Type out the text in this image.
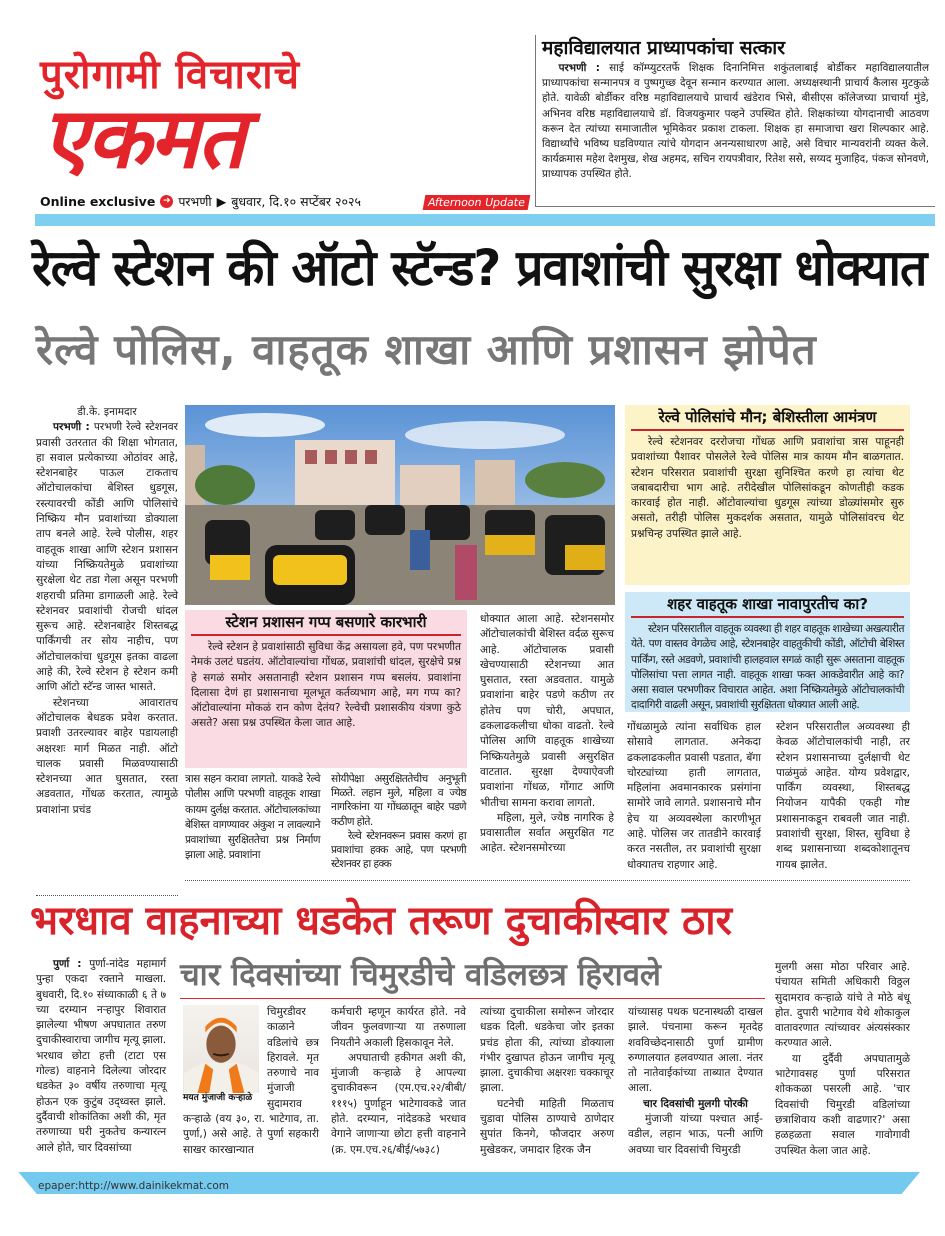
पुरोगामी विचाराचे
एकमत
Online exclusive ➜ परभणी ▶ बुधवार, दि.१० सप्टेंबर २०२५	Afternoon Update
महाविद्यालयात प्राध्यापकांचा सत्कार

परभणी : साई कॉम्प्युटरतर्फे शिक्षक दिनानिमित्त शकुंतलाबाई बोर्डीकर महाविद्यालयातील प्राध्यापकांचा सन्मानपत्र व पुष्पगुच्छ देवून सन्मान करण्यात आला. अध्यक्षस्थानी प्राचार्य कैलास मुटकुळे होते. यावेळी बोर्डीकर वरिष्ठ महाविद्यालयाचे प्राचार्य खंडेराव भिसे, बीसीएस कॉलेजच्या प्राचार्या मुंडे, अभिनव वरिष्ठ महाविद्यालयाचे डॉ. विजयकुमार पव्हने उपस्थित होते. शिक्षकांच्या योगदानाची आठवण करून देत त्यांच्या समाजातील भूमिकेवर प्रकाश टाकला. शिक्षक हा समाजाचा खरा शिल्पकार आहे. विद्यार्थ्यांचे भविष्य घडविण्यात त्यांचे योगदान अनन्यसाधारण आहे, असे विचार मान्यवरांनी व्यक्त केले. कार्यक्रमास महेश देशमुख, शेख अहमद, सचिन रायपत्रीवार, रितेश ससे, सय्यद मुजाहिद, पंकज सोनवणे, प्राध्यापक उपस्थित होते.

रेल्वे स्टेशन की ऑटो स्टॅन्ड? प्रवाशांची सुरक्षा धोक्यात
रेल्वे पोलिस, वाहतूक शाखा आणि प्रशासन झोपेत
डी.के. इनामदार

परभणी : परभणी रेल्वे स्टेशनवर प्रवासी उतरतात की शिक्षा भोगतात, हा सवाल प्रत्येकाच्या ओठांवर आहे, स्टेशनबाहेर पाऊल टाकताच ऑटोचालकांचा बेशिस्त धुडगूस, रस्त्यावरची कोंडी आणि पोलिसांचे निष्क्रिय मौन प्रवाशांच्या डोक्याला ताप बनले आहे. रेल्वे पोलीस, शहर वाहतूक शाखा आणि स्टेशन प्रशासन यांच्या निष्क्रियतेमुळे प्रवाशांच्या सुरक्षेला थेट तडा गेला असून परभणी शहराची प्रतिमा डागाळली आहे. रेल्वे स्टेशनवर प्रवाशांची रोजची धांदल सुरूच आहे. स्टेशनबाहेर शिस्तबद्ध पार्किंगची तर सोय नाहीच, पण ऑटोचालकांचा धुडगूस इतका वाढला आहे की, रेल्वे स्टेशन हे स्टेशन कमी आणि ऑटो स्टॅन्ड जास्त भासते.

स्टेशनच्या आवारातच ऑटोचालक बेधडक प्रवेश करतात. प्रवाशी उतरल्यावर बाहेर पडायलाही अक्षरशः मार्ग मिळत नाही. ऑटो चालक प्रवासी मिळवण्यासाठी स्टेशनच्या आत घुसतात, रस्ता अडवतात, गोंधळ करतात, त्यामुळे प्रवाशांना प्रचंड

स्टेशन प्रशासन गप्प बसणारे कारभारी

रेल्वे स्टेशन हे प्रवाशांसाठी सुविधा केंद्र असायला हवे, पण परभणीत नेमकं उलटं घडतंय. ऑटोवाल्यांचा गोंधळ, प्रवाशांची धांदल, सुरक्षेचे प्रश्न हे सगळं समोर असतानाही स्टेशन प्रशासन गप्प बसलंय. प्रवाशांना दिलासा देणं हा प्रशासनाचा मूलभूत कर्तव्यभाग आहे, मग गप्प का? ऑटोवाल्यांना मोकळं रान कोण देतंय? रेल्वेची प्रशासकीय यंत्रणा कुठे असते? असा प्रश्न उपस्थित केला जात आहे.

त्रास सहन करावा लागतो. याकडे रेल्वे पोलीस आणि परभणी वाहतूक शाखा कायम दुर्लक्ष करतात. ऑटोचालकांच्या बेशिस्त वागण्यावर अंकुश न लावल्याने प्रवाशांच्या सुरक्षिततेचा प्रश्न निर्माण झाला आहे. प्रवाशांना

सोयीपेक्षा असुरक्षिततेचीच अनुभूती मिळते. लहान मुले, महिला व ज्येष्ठ नागरिकांना या गोंधळातून बाहेर पडणे कठीण होते.

रेल्वे स्टेशनवरून प्रवास करणं हा प्रवाशांचा हक्क आहे, पण परभणी स्टेशनवर हा हक्क

धोक्यात आला आहे. स्टेशनसमोर ऑटोचालकांची बेशिस्त वर्दळ सुरूच आहे. ऑटोचालक प्रवासी खेचण्यासाठी स्टेशनच्या आत घुसतात, रस्ता अडवतात. यामुळे प्रवाशांना बाहेर पडणे कठीण तर होतेच पण चोरी, अपघात, ढकलाढकलीचा धोका वाढतो. रेल्वे पोलिस आणि वाहतूक शाखेच्या निष्क्रियतेमुळे प्रवासी असुरक्षित वाटतात. सुरक्षा देण्याऐवजी प्रवाशांना गोंधळ, गोंगाट आणि भीतीचा सामना करावा लागतो.

महिला, मुले, ज्येष्ठ नागरिक हे प्रवासातील सर्वात असुरक्षित गट आहेत. स्टेशनसमोरच्या

रेल्वे पोलिसांचे मौन; बेशिस्तीला आमंत्रण

रेल्वे स्टेशनवर दररोजचा गोंधळ आणि प्रवाशांचा त्रास पाहूनही प्रवाशांच्या पैशावर पोसलेले रेल्वे पोलिस मात्र कायम मौन बाळगतात. स्टेशन परिसरात प्रवाशांची सुरक्षा सुनिश्चित करणे हा त्यांचा थेट जबाबदारीचा भाग आहे. तरीदेखील पोलिसांकडून कोणतीही कडक कारवाई होत नाही. ऑटोवाल्यांचा धुडगूस त्यांच्या डोळ्यांसमोर सुरु असतो, तरीही पोलिस मुकदर्शक असतात, यामुळे पोलिसांवरच थेट प्रश्नचिन्ह उपस्थित झाले आहे.

शहर वाहतूक शाखा नावापुरतीच का?

स्टेशन परिसरातील वाहतूक व्यवस्था ही शहर वाहतूक शाखेच्या अखत्यारीत येते. पण वास्तव वेगळेच आहे, स्टेशनबाहेर वाहतुकीची कोंडी, ऑटोची बेशिस्त पार्किंग, रस्ते अडवणे, प्रवाशांची हालहवाल सगळं काही सुरू असताना वाहतूक पोलिसांचा पत्ता लागत नाही. वाहतूक शाखा फक्त आकडेवारीत आहे का? असा सवाल परभणीकर विचारात आहेत. अशा निष्क्रियतेमुळे ऑटोचालकांची दादागिरी वाढली असून, प्रवाशांची सुरक्षितता धोक्यात आली आहे.

गोंधळामुळे त्यांना सर्वाधिक हाल सोसावे लागतात. अनेकदा ढकलाढकलीत प्रवासी पडतात, बॅगा चोरट्यांच्या हाती लागतात, महिलांना अवमानकारक प्रसंगांना सामोरे जावे लागते. प्रशासनाचे मौन हेच या अव्यवस्थेला कारणीभूत आहे. पोलिस जर तातडीने कारवाई करत नसतील, तर प्रवाशांची सुरक्षा धोक्यातच राहणार आहे.

स्टेशन परिसरातील अव्यवस्था ही केवळ ऑटोचालकांची नाही, तर स्टेशन प्रशासनाच्या दुर्लक्षाची थेट पाळंमुळं आहेत. योग्य प्रवेशद्वार, पार्किंग व्यवस्था, शिस्तबद्ध नियोजन यापैकी एकही गोष्ट प्रशासनाकडून राबवली जात नाही. प्रवाशांची सुरक्षा, शिस्त, सुविधा हे शब्द प्रशासनाच्या शब्दकोशातूनच गायब झालेत.

भरधाव वाहनाच्या धडकेत तरूण दुचाकीस्वार ठार

पुर्णा : पुर्णा-नांदेड महामार्ग पुन्हा एकदा रक्ताने माखला. बुधवारी, दि.१० संध्याकाळी ६ ते ७ च्या दरम्यान नऱ्हापुर शिवारात झालेल्या भीषण अपघातात तरुण दुचाकीस्वाराचा जागीच मृत्यू झाला. भरधाव छोटा हत्ती (टाटा एस गोल्ड) वाहनाने दिलेल्या जोरदार धडकेत ३० वर्षीय तरुणाचा मृत्यू होऊन एक कुटुंब उद्ध्वस्त झाले. दुर्दैवाची शोकांतिका अशी की, मृत तरुणाच्या घरी नुकतेच कन्यारत्न आले होते, चार दिवसांच्या

चार दिवसांच्या चिमुरडीचे वडिलछत्र हिरावले
मयत मुंजाजी कऱ्हाळे

चिमुरडीवर काळाने वडिलांचे छत्र हिरावले. मृत तरुणाचे नाव मुंजाजी सुदामराव कऱ्हाळे (वय ३०, रा. भाटेगाव, ता. पुर्णा,) असे आहे. ते पुर्णा सहकारी साखर कारखान्यात

कर्मचारी म्हणून कार्यरत होते. नवे जीवन फुलवणाऱ्या या तरुणाला नियतीने अकाली हिसकावून नेले.

अपघाताची हकीगत अशी की, मुंजाजी कऱ्हाळे हे आपल्या दुचाकीवरून (एम.एच.२२/बीबी/१११५) पुर्णाहून भाटेगावकडे जात होते. दरम्यान, नांदेडकडे भरधाव वेगाने जाणाऱ्या छोटा हत्ती वाहनाने (क्र. एम.एच.२६/बीई/५७३८)

त्यांच्या दुचाकीला समोरून जोरदार धडक दिली. धडकेचा जोर इतका प्रचंड होता की, त्यांच्या डोक्याला गंभीर दुखापत होऊन जागीच मृत्यू झाला. दुचाकीचा अक्षरशः चक्काचूर झाला.

घटनेची माहिती मिळताच चुडावा पोलिस ठाण्याचे ठाणेदार सुपांत किनगे, फौजदार अरुण मुखेडकर, जमादार हिरक जैन

यांच्यासह पथक घटनास्थळी दाखल झाले. पंचनामा करून मृतदेह शवविच्छेदनासाठी पुर्णा ग्रामीण रुग्णालयात हलवण्यात आला. नंतर तो नातेवाईकांच्या ताब्यात देण्यात आला.

चार दिवसांची मुलगी पोरकी

मुंजाजी यांच्या पश्चात आई-वडील, लहान भाऊ, पत्नी आणि अवघ्या चार दिवसांची चिमुरडी

मुलगी असा मोठा परिवार आहे. पंचायत समिती अधिकारी विठ्ठल सुदामराव कऱ्हाळे यांचे ते मोठे बंधू होत. दुपारी भाटेगाव येथे शोकाकुल वातावरणात त्यांच्यावर अंत्यसंस्कार करण्यात आले.

या दुर्दैवी अपघातामुळे भाटेगावसह पुर्णा परिसरात शोककळा पसरली आहे. 'चार दिवसांची चिमुरडी वडिलांच्या छत्राशिवाय कशी वाढणार?' असा हळहळता सवाल गावोगावी उपस्थित केला जात आहे.

epaper:http://www.dainikekmat.com
